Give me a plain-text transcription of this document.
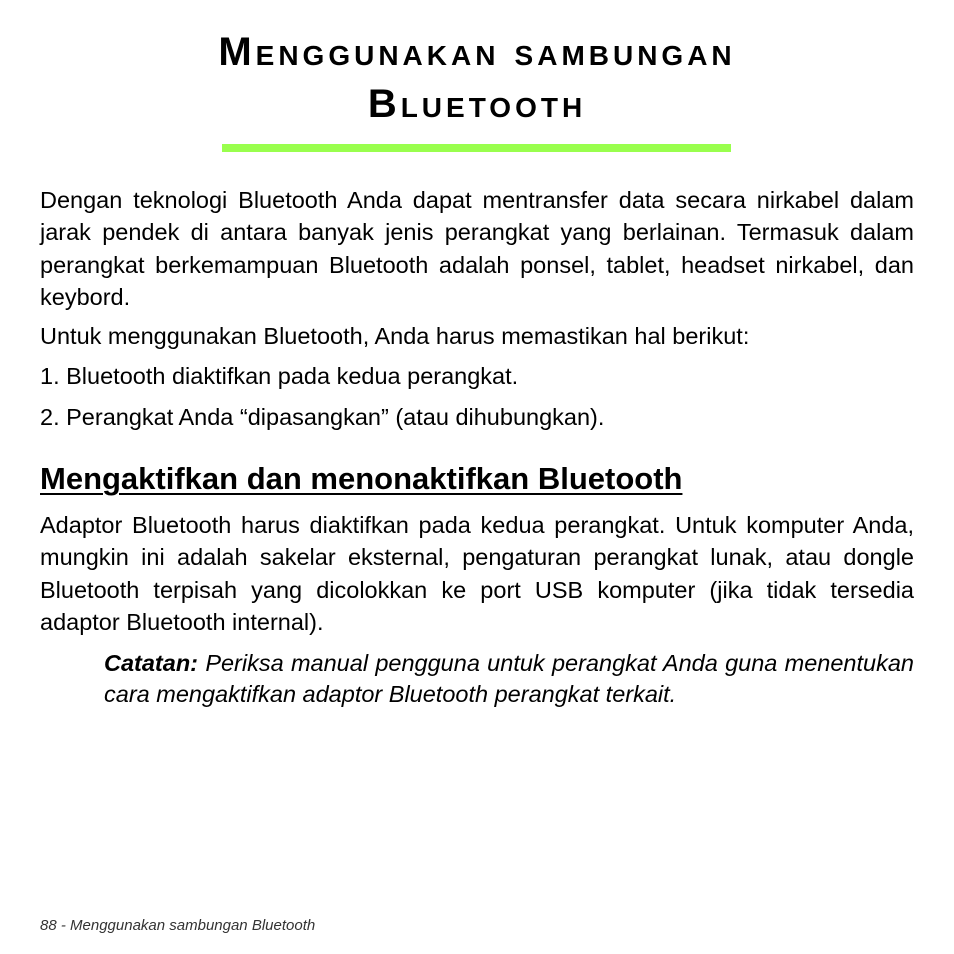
Menggunakan sambungan
Bluetooth

Dengan teknologi Bluetooth Anda dapat mentransfer data secara nirkabel dalam jarak pendek di antara banyak jenis perangkat yang berlainan. Termasuk dalam perangkat berkemampuan Bluetooth adalah ponsel, tablet, headset nirkabel, dan keybord.

Untuk menggunakan Bluetooth, Anda harus memastikan hal berikut:

1. Bluetooth diaktifkan pada kedua perangkat.

2. Perangkat Anda “dipasangkan” (atau dihubungkan).

Mengaktifkan dan menonaktifkan Bluetooth

Adaptor Bluetooth harus diaktifkan pada kedua perangkat. Untuk komputer Anda, mungkin ini adalah sakelar eksternal, pengaturan perangkat lunak, atau dongle Bluetooth terpisah yang dicolokkan ke port USB komputer (jika tidak tersedia adaptor Bluetooth internal).

Catatan: Periksa manual pengguna untuk perangkat Anda guna menentukan cara mengaktifkan adaptor Bluetooth perangkat terkait.

88 - Menggunakan sambungan Bluetooth
